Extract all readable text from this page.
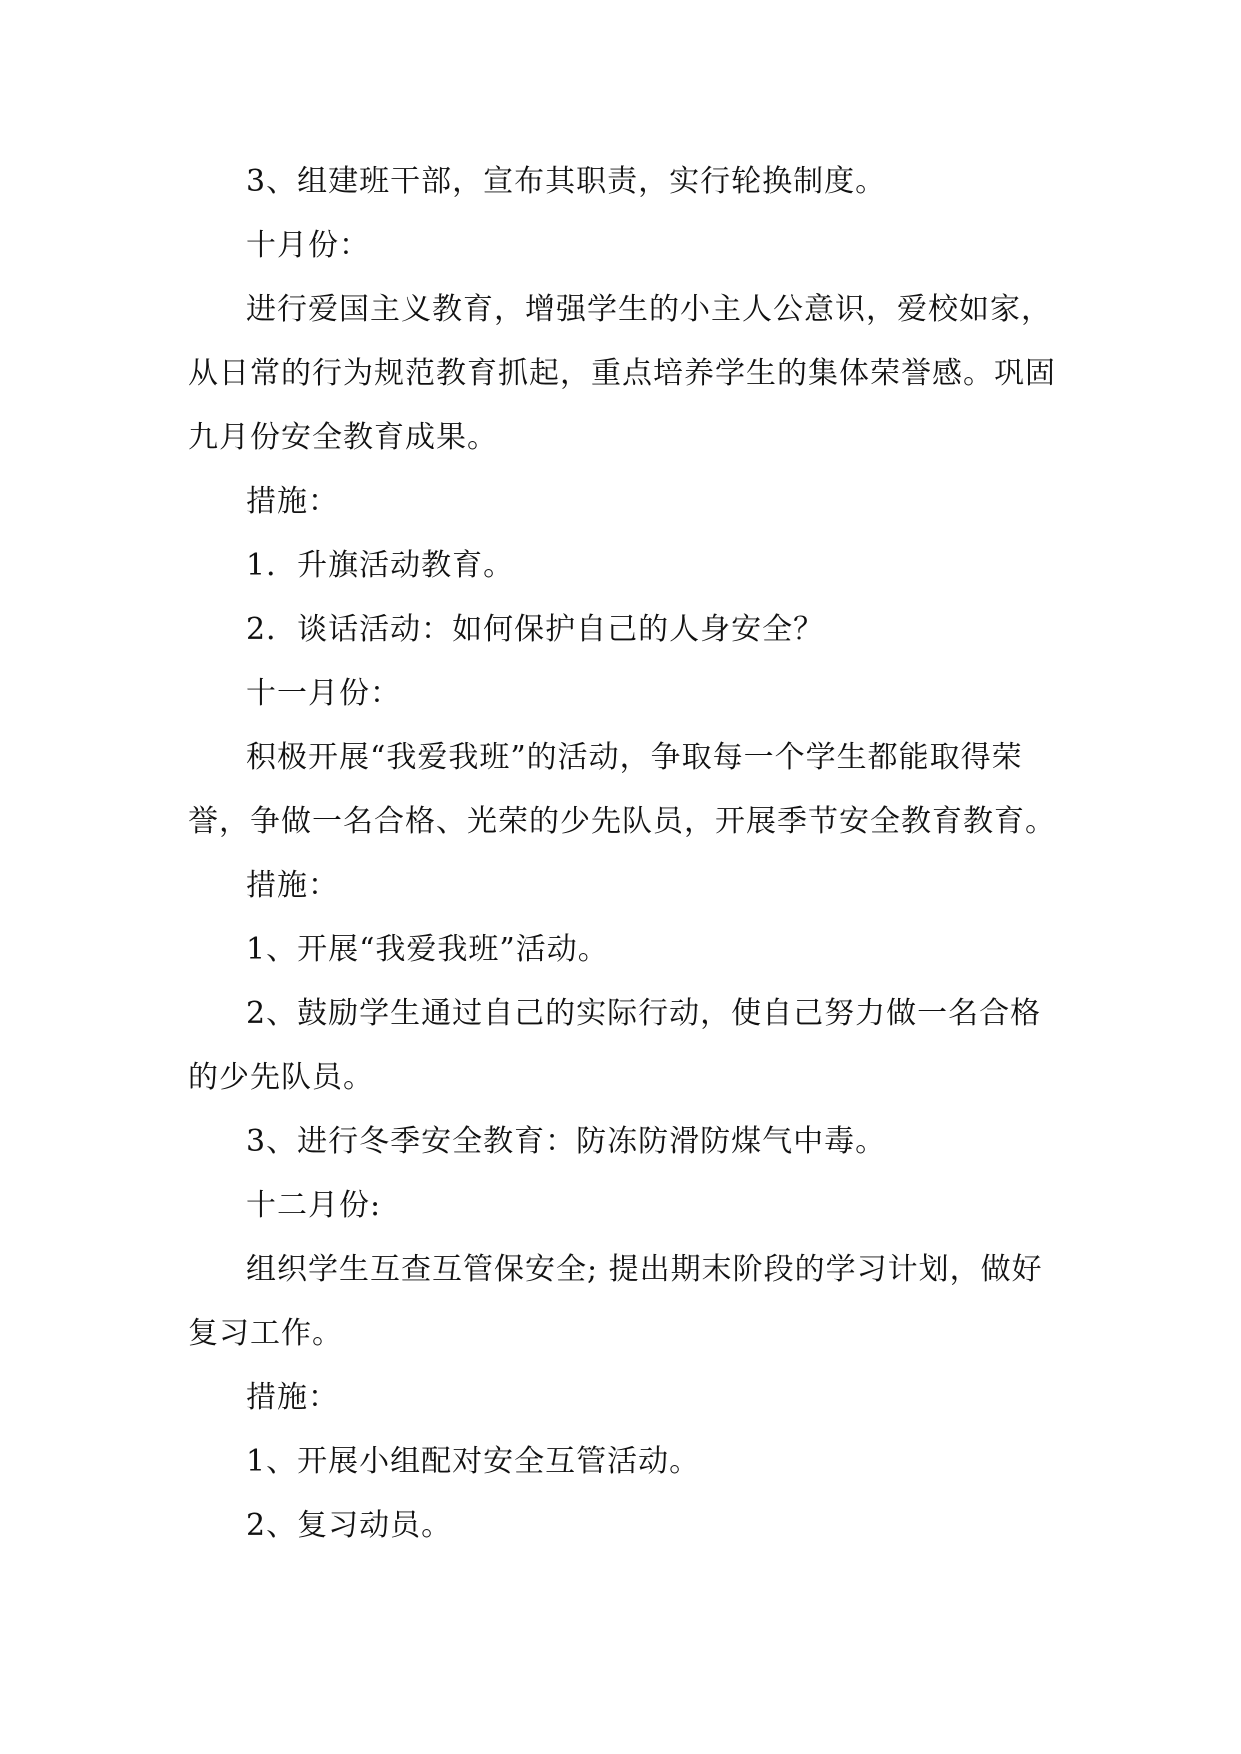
3、组建班干部，宣布其职责，实行轮换制度。

十月份：

进行爱国主义教育，增强学生的小主人公意识，爱校如家，从日常的行为规范教育抓起，重点培养学生的集体荣誉感。巩固九月份安全教育成果。

措施：

1．升旗活动教育。

2．谈话活动：如何保护自己的人身安全？

十一月份：

积极开展“我爱我班”的活动，争取每一个学生都能取得荣誉，争做一名合格、光荣的少先队员，开展季节安全教育教育。

措施：

1、开展“我爱我班”活动。

2、鼓励学生通过自己的实际行动，使自己努力做一名合格的少先队员。

3、进行冬季安全教育：防冻防滑防煤气中毒。

十二月份:

组织学生互查互管保安全; 提出期末阶段的学习计划，做好复习工作。

措施：

1、开展小组配对安全互管活动。

2、复习动员。
